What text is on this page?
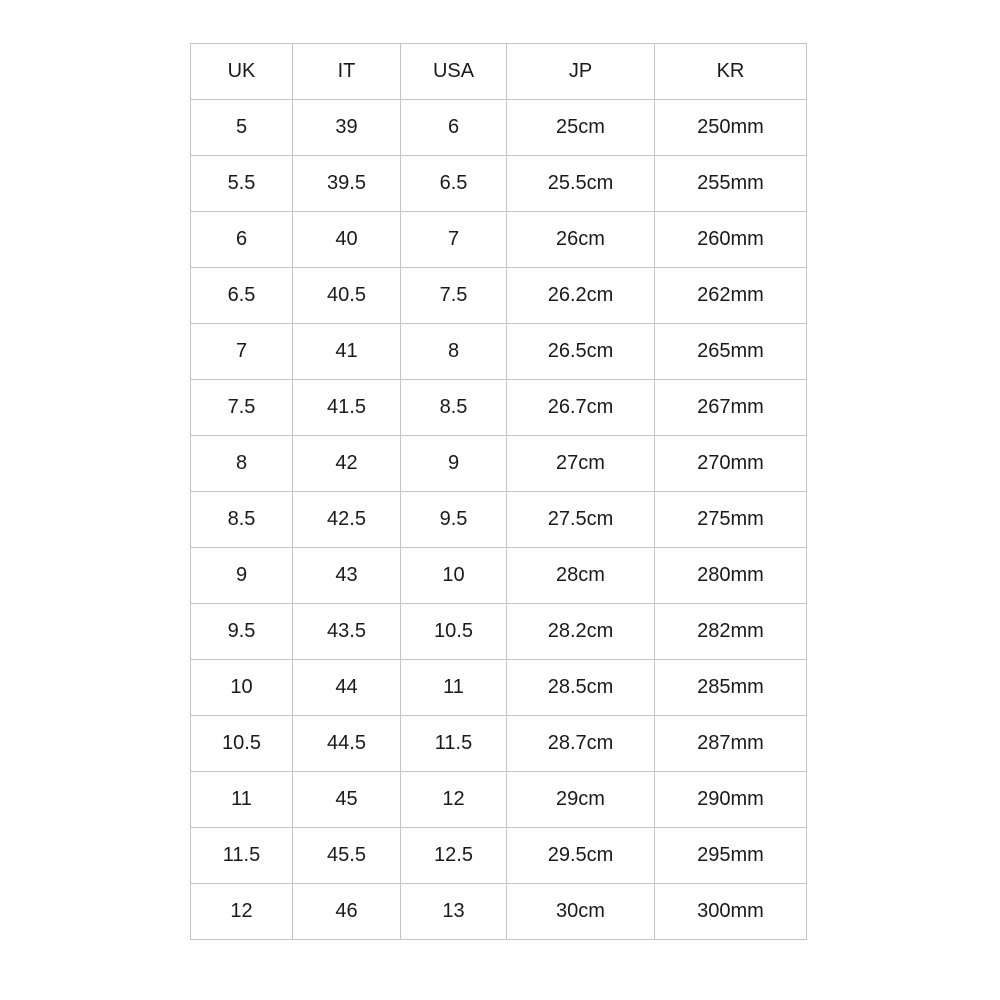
UK	IT	USA	JP	KR
5	39	6	25cm	250mm
5.5	39.5	6.5	25.5cm	255mm
6	40	7	26cm	260mm
6.5	40.5	7.5	26.2cm	262mm
7	41	8	26.5cm	265mm
7.5	41.5	8.5	26.7cm	267mm
8	42	9	27cm	270mm
8.5	42.5	9.5	27.5cm	275mm
9	43	10	28cm	280mm
9.5	43.5	10.5	28.2cm	282mm
10	44	11	28.5cm	285mm
10.5	44.5	11.5	28.7cm	287mm
11	45	12	29cm	290mm
11.5	45.5	12.5	29.5cm	295mm
12	46	13	30cm	300mm
